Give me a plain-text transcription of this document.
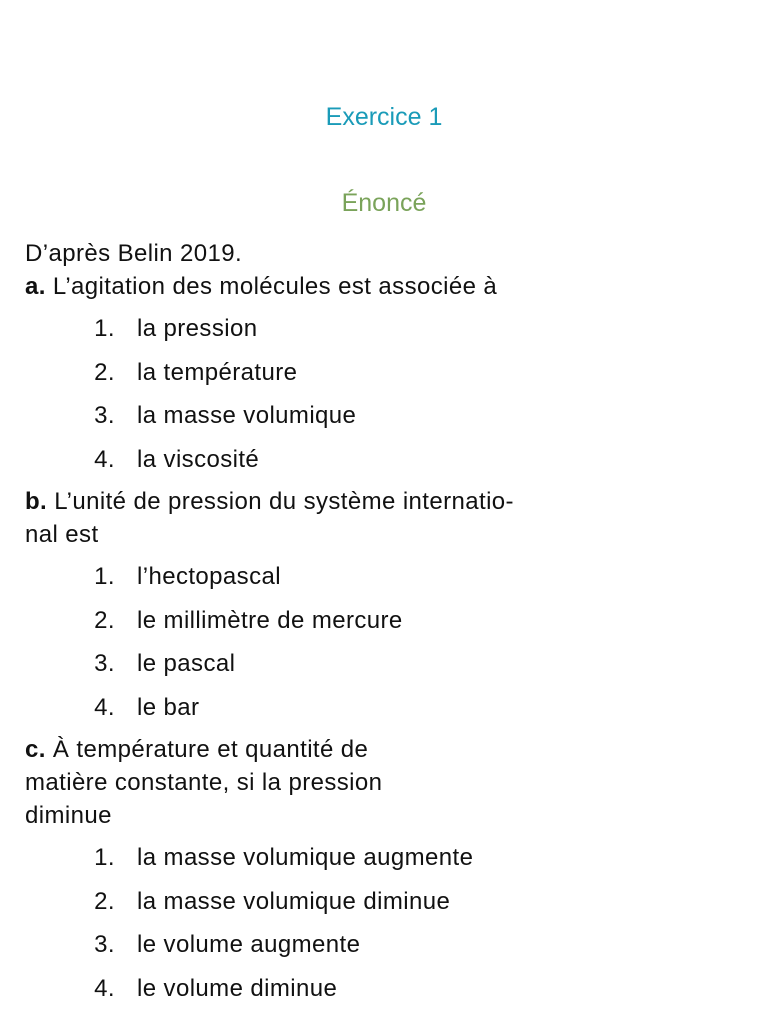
Exercice 1
Énoncé
D’après Belin 2019.
a. L’agitation des molécules est associée à
1. la pression
2. la température
3. la masse volumique
4. la viscosité
b. L’unité de pression du système internatio-
nal est
1. l’hectopascal
2. le millimètre de mercure
3. le pascal
4. le bar
c. À température et quantité de
matière constante, si la pression
diminue
1. la masse volumique augmente
2. la masse volumique diminue
3. le volume augmente
4. le volume diminue
